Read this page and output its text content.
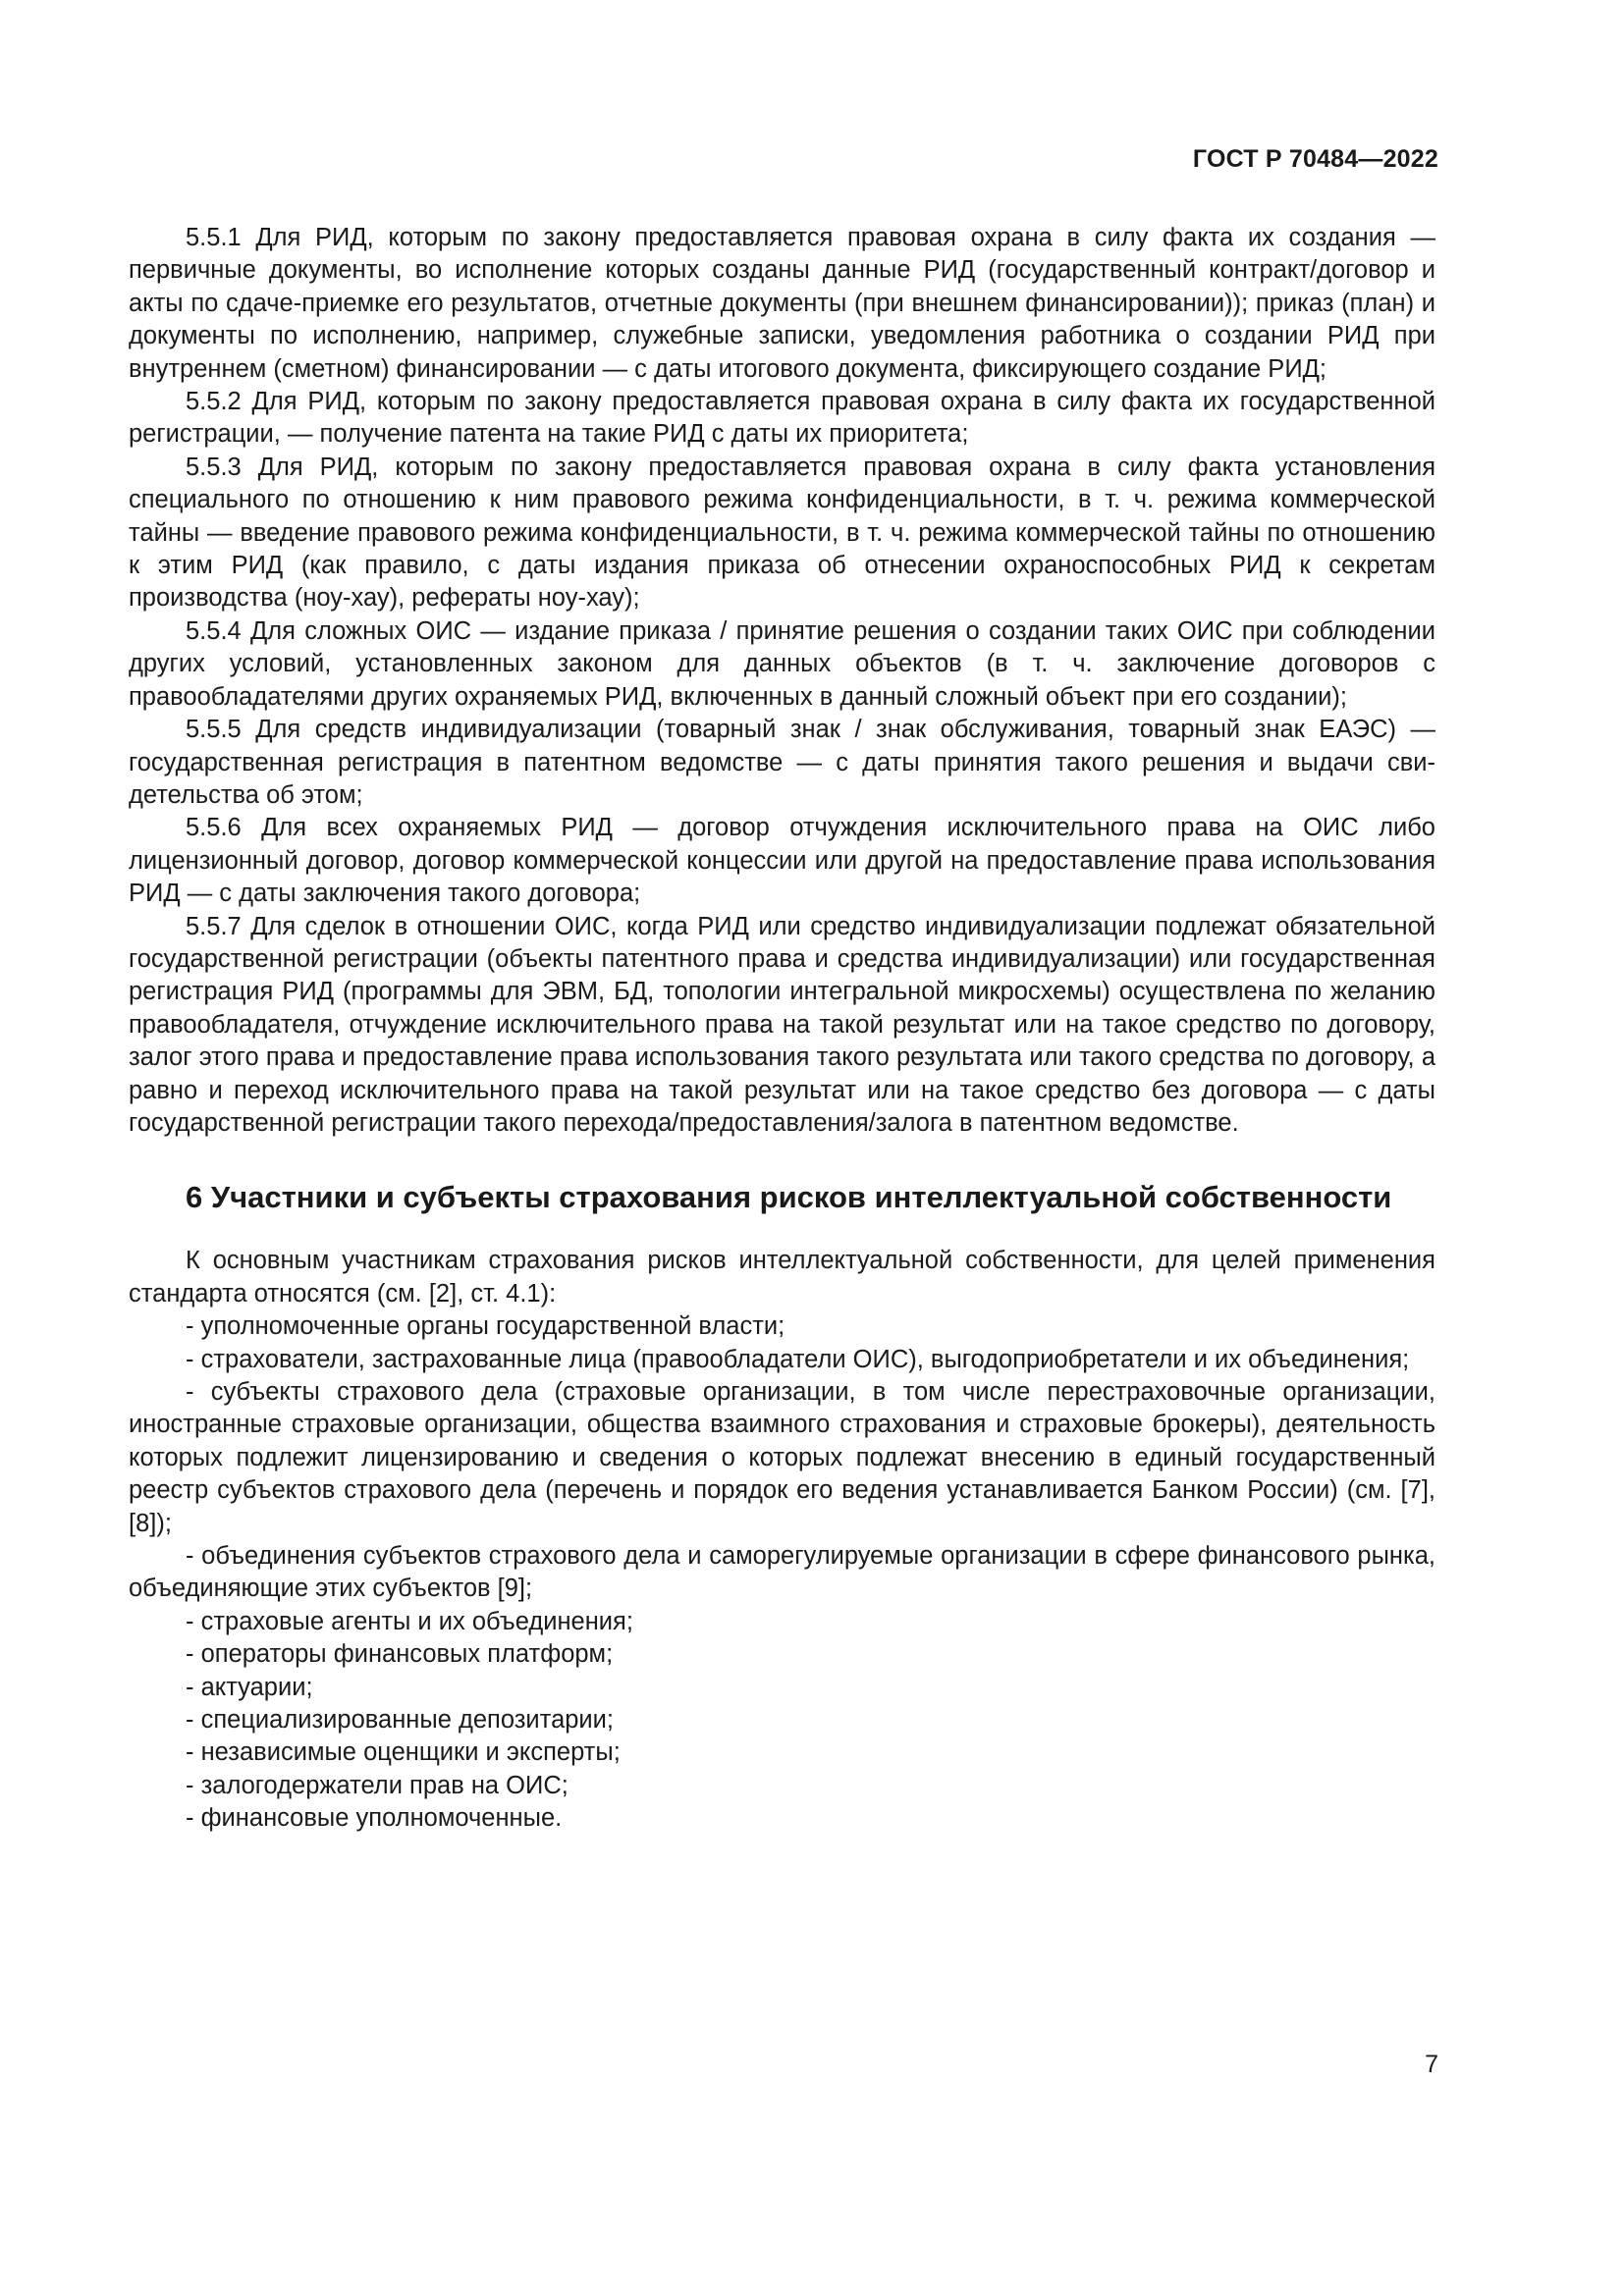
ГОСТ Р 70484—2022

5.5.1 Для РИД, которым по закону предоставляется правовая охрана в силу факта их создания — первичные документы, во исполнение которых созданы данные РИД (государственный контракт/договор и акты по сдаче-приемке его результатов, отчетные документы (при внешнем финансировании)); приказ (план) и документы по исполнению, например, служебные записки, уведомления работника о создании РИД при внутреннем (сметном) финансировании — с даты итогового документа, фиксирующего создание РИД;

5.5.2 Для РИД, которым по закону предоставляется правовая охрана в силу факта их государственной регистрации, — получение патента на такие РИД с даты их приоритета;

5.5.3 Для РИД, которым по закону предоставляется правовая охрана в силу факта установления специального по отношению к ним правового режима конфиденциальности, в т. ч. режима коммерческой тайны — введение правового режима конфиденциальности, в т. ч. режима коммерческой тайны по отношению к этим РИД (как правило, с даты издания приказа об отнесении охраноспособных РИД к секретам производства (ноу-хау), рефераты ноу-хау);

5.5.4 Для сложных ОИС — издание приказа / принятие решения о создании таких ОИС при соблюдении других условий, установленных законом для данных объектов (в т. ч. заключение договоров с правообладателями других охраняемых РИД, включенных в данный сложный объект при его создании);

5.5.5 Для средств индивидуализации (товарный знак / знак обслуживания, товарный знак ЕАЭС) — государственная регистрация в патентном ведомстве — с даты принятия такого решения и выдачи свидетельства об этом;

5.5.6 Для всех охраняемых РИД — договор отчуждения исключительного права на ОИС либо лицензионный договор, договор коммерческой концессии или другой на предоставление права использования РИД — с даты заключения такого договора;

5.5.7 Для сделок в отношении ОИС, когда РИД или средство индивидуализации подлежат обязательной государственной регистрации (объекты патентного права и средства индивидуализации) или государственная регистрация РИД (программы для ЭВМ, БД, топологии интегральной микросхемы) осуществлена по желанию правообладателя, отчуждение исключительного права на такой результат или на такое средство по договору, залог этого права и предоставление права использования такого результата или такого средства по договору, а равно и переход исключительного права на такой результат или на такое средство без договора — с даты государственной регистрации такого перехода/предоставления/залога в патентном ведомстве.

6 Участники и субъекты страхования рисков интеллектуальной собственности

К основным участникам страхования рисков интеллектуальной собственности, для целей применения стандарта относятся (см. [2], ст. 4.1):

- уполномоченные органы государственной власти;
- страхователи, застрахованные лица (правообладатели ОИС), выгодоприобретатели и их объединения;
- субъекты страхового дела (страховые организации, в том числе перестраховочные организации, иностранные страховые организации, общества взаимного страхования и страховые брокеры), деятельность которых подлежит лицензированию и сведения о которых подлежат внесению в единый государственный реестр субъектов страхового дела (перечень и порядок его ведения устанавливается Банком России) (см. [7], [8]);
- объединения субъектов страхового дела и саморегулируемые организации в сфере финансового рынка, объединяющие этих субъектов [9];
- страховые агенты и их объединения;
- операторы финансовых платформ;
- актуарии;
- специализированные депозитарии;
- независимые оценщики и эксперты;
- залогодержатели прав на ОИС;
- финансовые уполномоченные.
7
